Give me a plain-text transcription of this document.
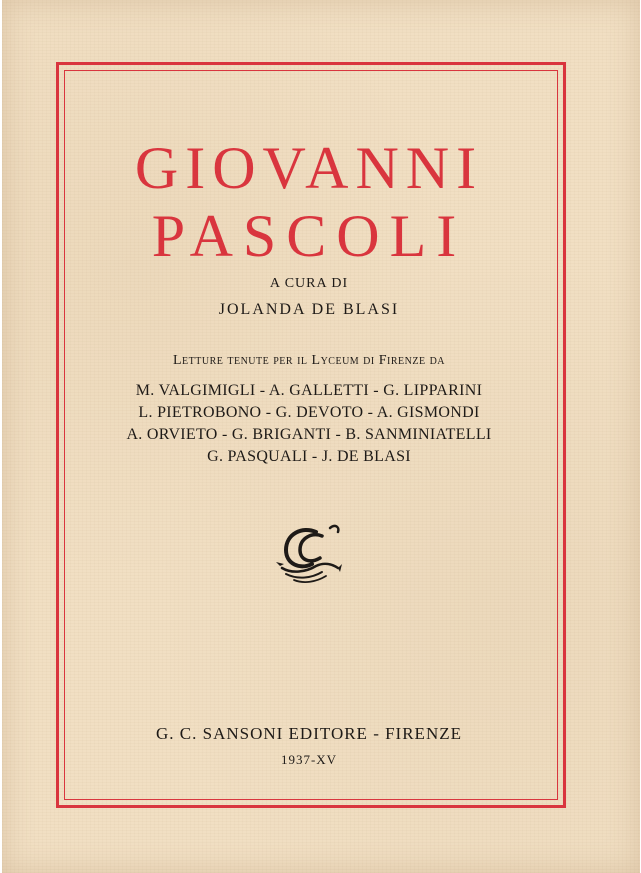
GIOVANNI
PASCOLI
A CURA DI
JOLANDA DE BLASI
Letture tenute per il Lyceum di Firenze da
M. VALGIMIGLI - A. GALLETTI - G. LIPPARINI
L. PIETROBONO - G. DEVOTO - A. GISMONDI
A. ORVIETO - G. BRIGANTI - B. SANMINIATELLI
G. PASQUALI - J. DE BLASI
G. C. SANSONI EDITORE - FIRENZE
1937-XV
